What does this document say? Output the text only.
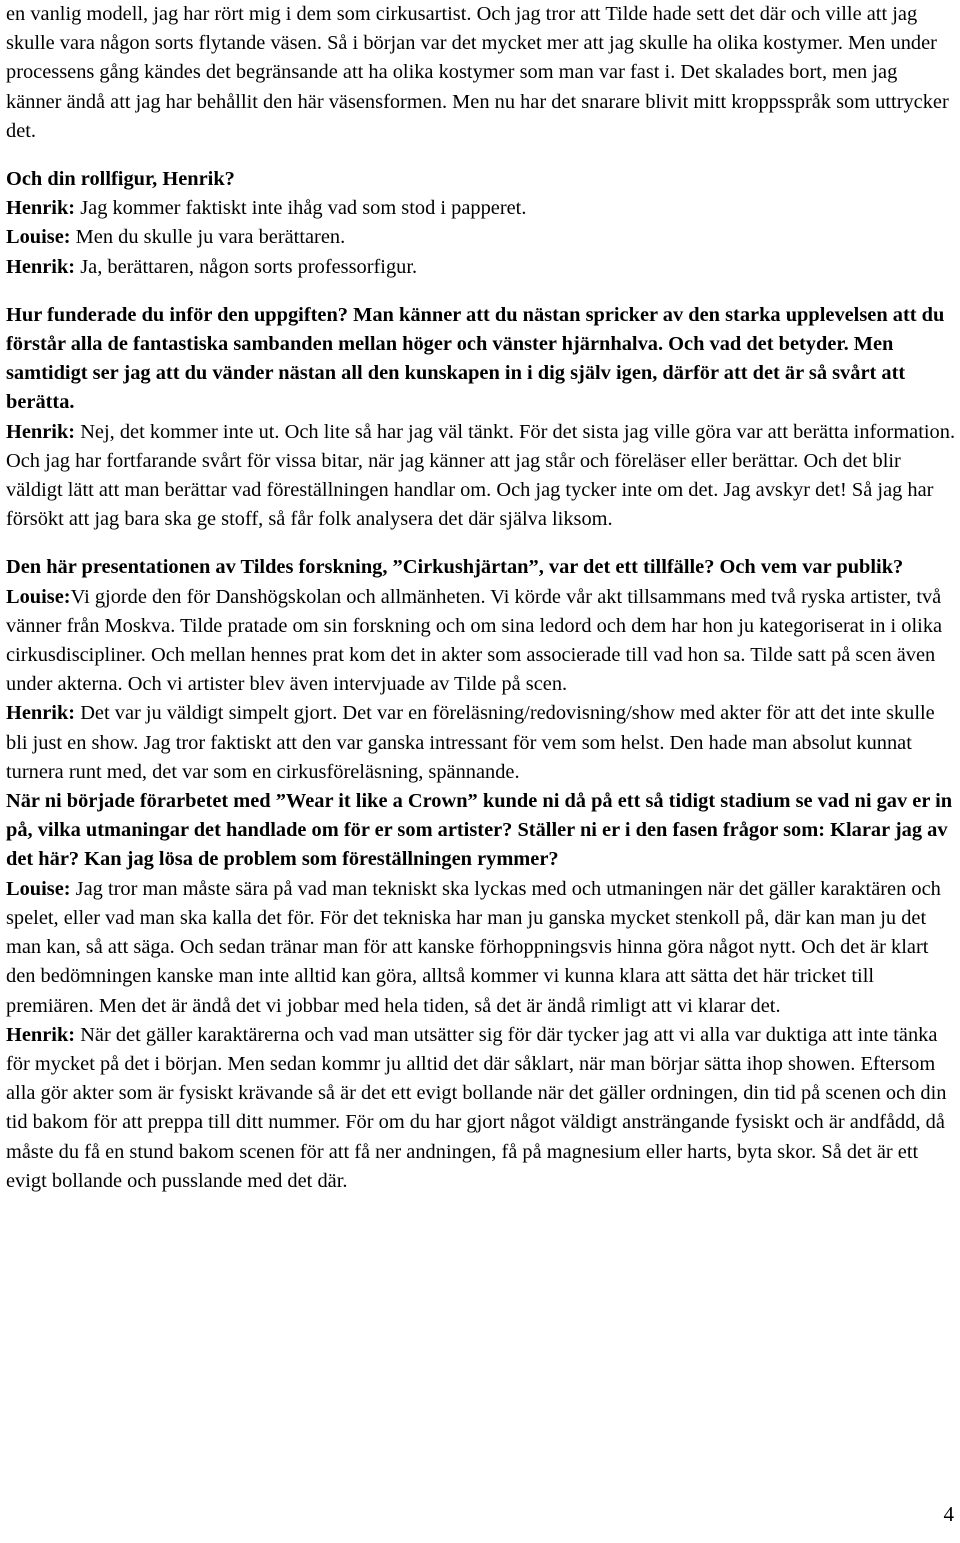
en vanlig modell, jag har rört mig i dem som cirkusartist. Och jag tror att Tilde hade sett det där och ville att jag skulle vara någon sorts flytande väsen. Så i början var det mycket mer att jag skulle ha olika kostymer. Men under processens gång kändes det begränsande att ha olika kostymer som man var fast i. Det skalades bort, men jag känner ändå att jag har behållit den här väsensformen. Men nu har det snarare blivit mitt kroppsspråk som uttrycker det.

Och din rollfigur, Henrik?

Henrik: Jag kommer faktiskt inte ihåg vad som stod i papperet.

Louise: Men du skulle ju vara berättaren.

Henrik: Ja, berättaren, någon sorts professorfigur.

Hur funderade du inför den uppgiften? Man känner att du nästan spricker av den starka upplevelsen att du förstår alla de fantastiska sambanden mellan höger och vänster hjärnhalva. Och vad det betyder. Men samtidigt ser jag att du vänder nästan all den kunskapen in i dig själv igen, därför att det är så svårt att berätta.

Henrik: Nej, det kommer inte ut. Och lite så har jag väl tänkt. För det sista jag ville göra var att berätta information. Och jag har fortfarande svårt för vissa bitar, när jag känner att jag står och föreläser eller berättar. Och det blir väldigt lätt att man berättar vad föreställningen handlar om. Och jag tycker inte om det. Jag avskyr det! Så jag har försökt att jag bara ska ge stoff, så får folk analysera det där själva liksom.

Den här presentationen av Tildes forskning, ”Cirkushjärtan”, var det ett tillfälle? Och vem var publik?

Louise:Vi gjorde den för Danshögskolan och allmänheten. Vi körde vår akt tillsammans med två ryska artister, två vänner från Moskva. Tilde pratade om sin forskning och om sina ledord och dem har hon ju kategoriserat in i olika cirkusdiscipliner. Och mellan hennes prat kom det in akter som associerade till vad hon sa. Tilde satt på scen även under akterna. Och vi artister blev även intervjuade av Tilde på scen.

Henrik: Det var ju väldigt simpelt gjort. Det var en föreläsning/redovisning/show med akter för att det inte skulle bli just en show. Jag tror faktiskt att den var ganska intressant för vem som helst. Den hade man absolut kunnat turnera runt med, det var som en cirkusföreläsning, spännande.

När ni började förarbetet med ”Wear it like a Crown” kunde ni då på ett så tidigt stadium se vad ni gav er in på, vilka utmaningar det handlade om för er som artister? Ställer ni er i den fasen frågor som: Klarar jag av det här? Kan jag lösa de problem som föreställningen rymmer?

Louise: Jag tror man måste sära på vad man tekniskt ska lyckas med och utmaningen när det gäller karaktären och spelet, eller vad man ska kalla det för. För det tekniska har man ju ganska mycket stenkoll på, där kan man ju det man kan, så att säga. Och sedan tränar man för att kanske förhoppningsvis hinna göra något nytt. Och det är klart den bedömningen kanske man inte alltid kan göra, alltså kommer vi kunna klara att sätta det här tricket till premiären. Men det är ändå det vi jobbar med hela tiden, så det är ändå rimligt att vi klarar det.

Henrik: När det gäller karaktärerna och vad man utsätter sig för där tycker jag att vi alla var duktiga att inte tänka för mycket på det i början. Men sedan kommr ju alltid det där såklart, när man börjar sätta ihop showen. Eftersom alla gör akter som är fysiskt krävande så är det ett evigt bollande när det gäller ordningen, din tid på scenen och din tid bakom för att preppa till ditt nummer. För om du har gjort något väldigt ansträngande fysiskt och är andfådd, då måste du få en stund bakom scenen för att få ner andningen, få på magnesium eller harts, byta skor. Så det är ett evigt bollande och pusslande med det där.

4
